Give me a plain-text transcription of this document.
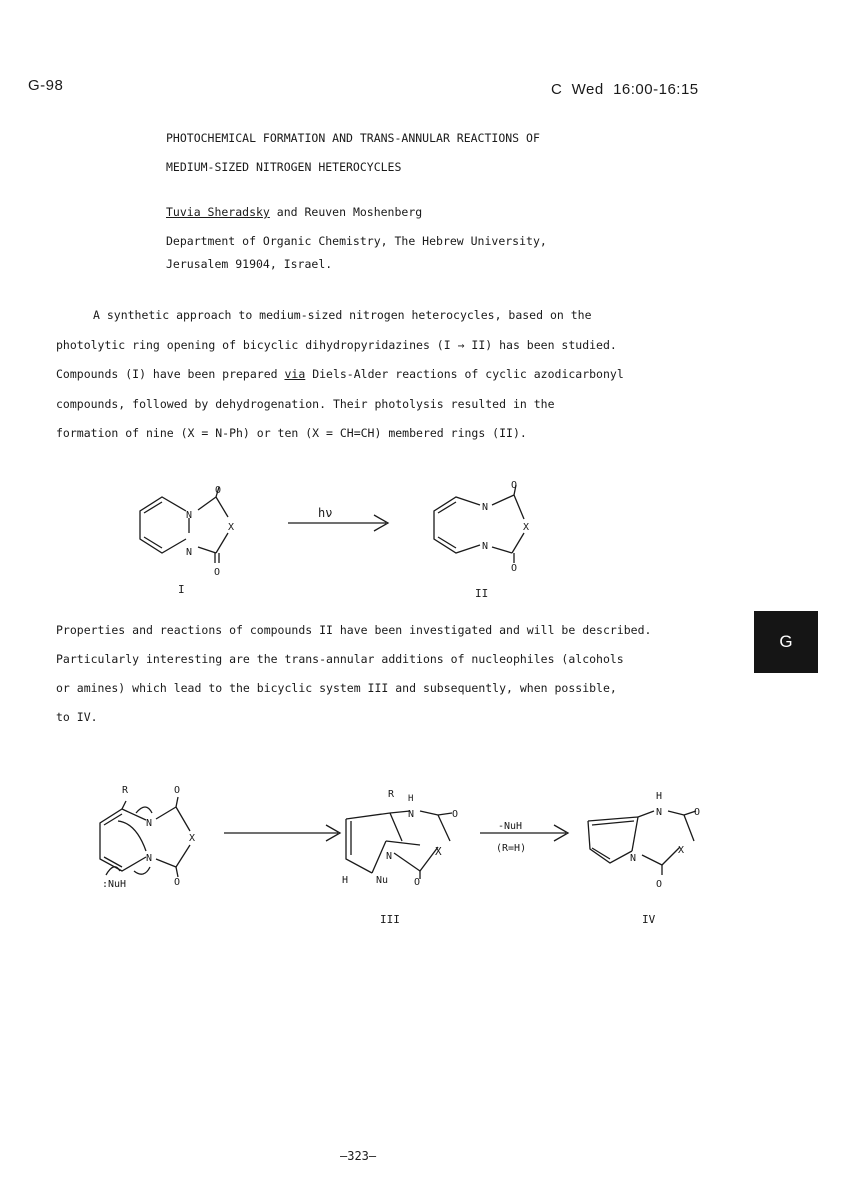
G-98	C  Wed  16:00-16:15
PHOTOCHEMICAL FORMATION AND TRANS-ANNULAR REACTIONS OF
MEDIUM-SIZED NITROGEN HETEROCYCLES
Tuvia Sheradsky and Reuven Moshenberg
Department of Organic Chemistry, The Hebrew University,
Jerusalem 91904, Israel.
A synthetic approach to medium-sized nitrogen heterocycles, based on the
photolytic ring opening of bicyclic dihydropyridazines (I → II) has been studied.
Compounds (I) have been prepared via Diels-Alder reactions of cyclic azodicarbonyl
compounds, followed by dehydrogenation. Their photolysis resulted in the
formation of nine (X = N-Ph) or ten (X = CH=CH) membered rings (II).
N
N
O
O
X
I
hν	N
N
O
O
X
II
Properties and reactions of compounds II have been investigated and will be described.
Particularly interesting are the trans-annular additions of nucleophiles (alcohols
or amines) which lead to the bicyclic system III and subsequently, when possible,
to IV.
G
R
N
N
O
O
X
:NuH
R H
N	O
N	X
H	Nu	O
III
-NuH
(R=H)
H
N	O
N
X
O
IV
—323—
